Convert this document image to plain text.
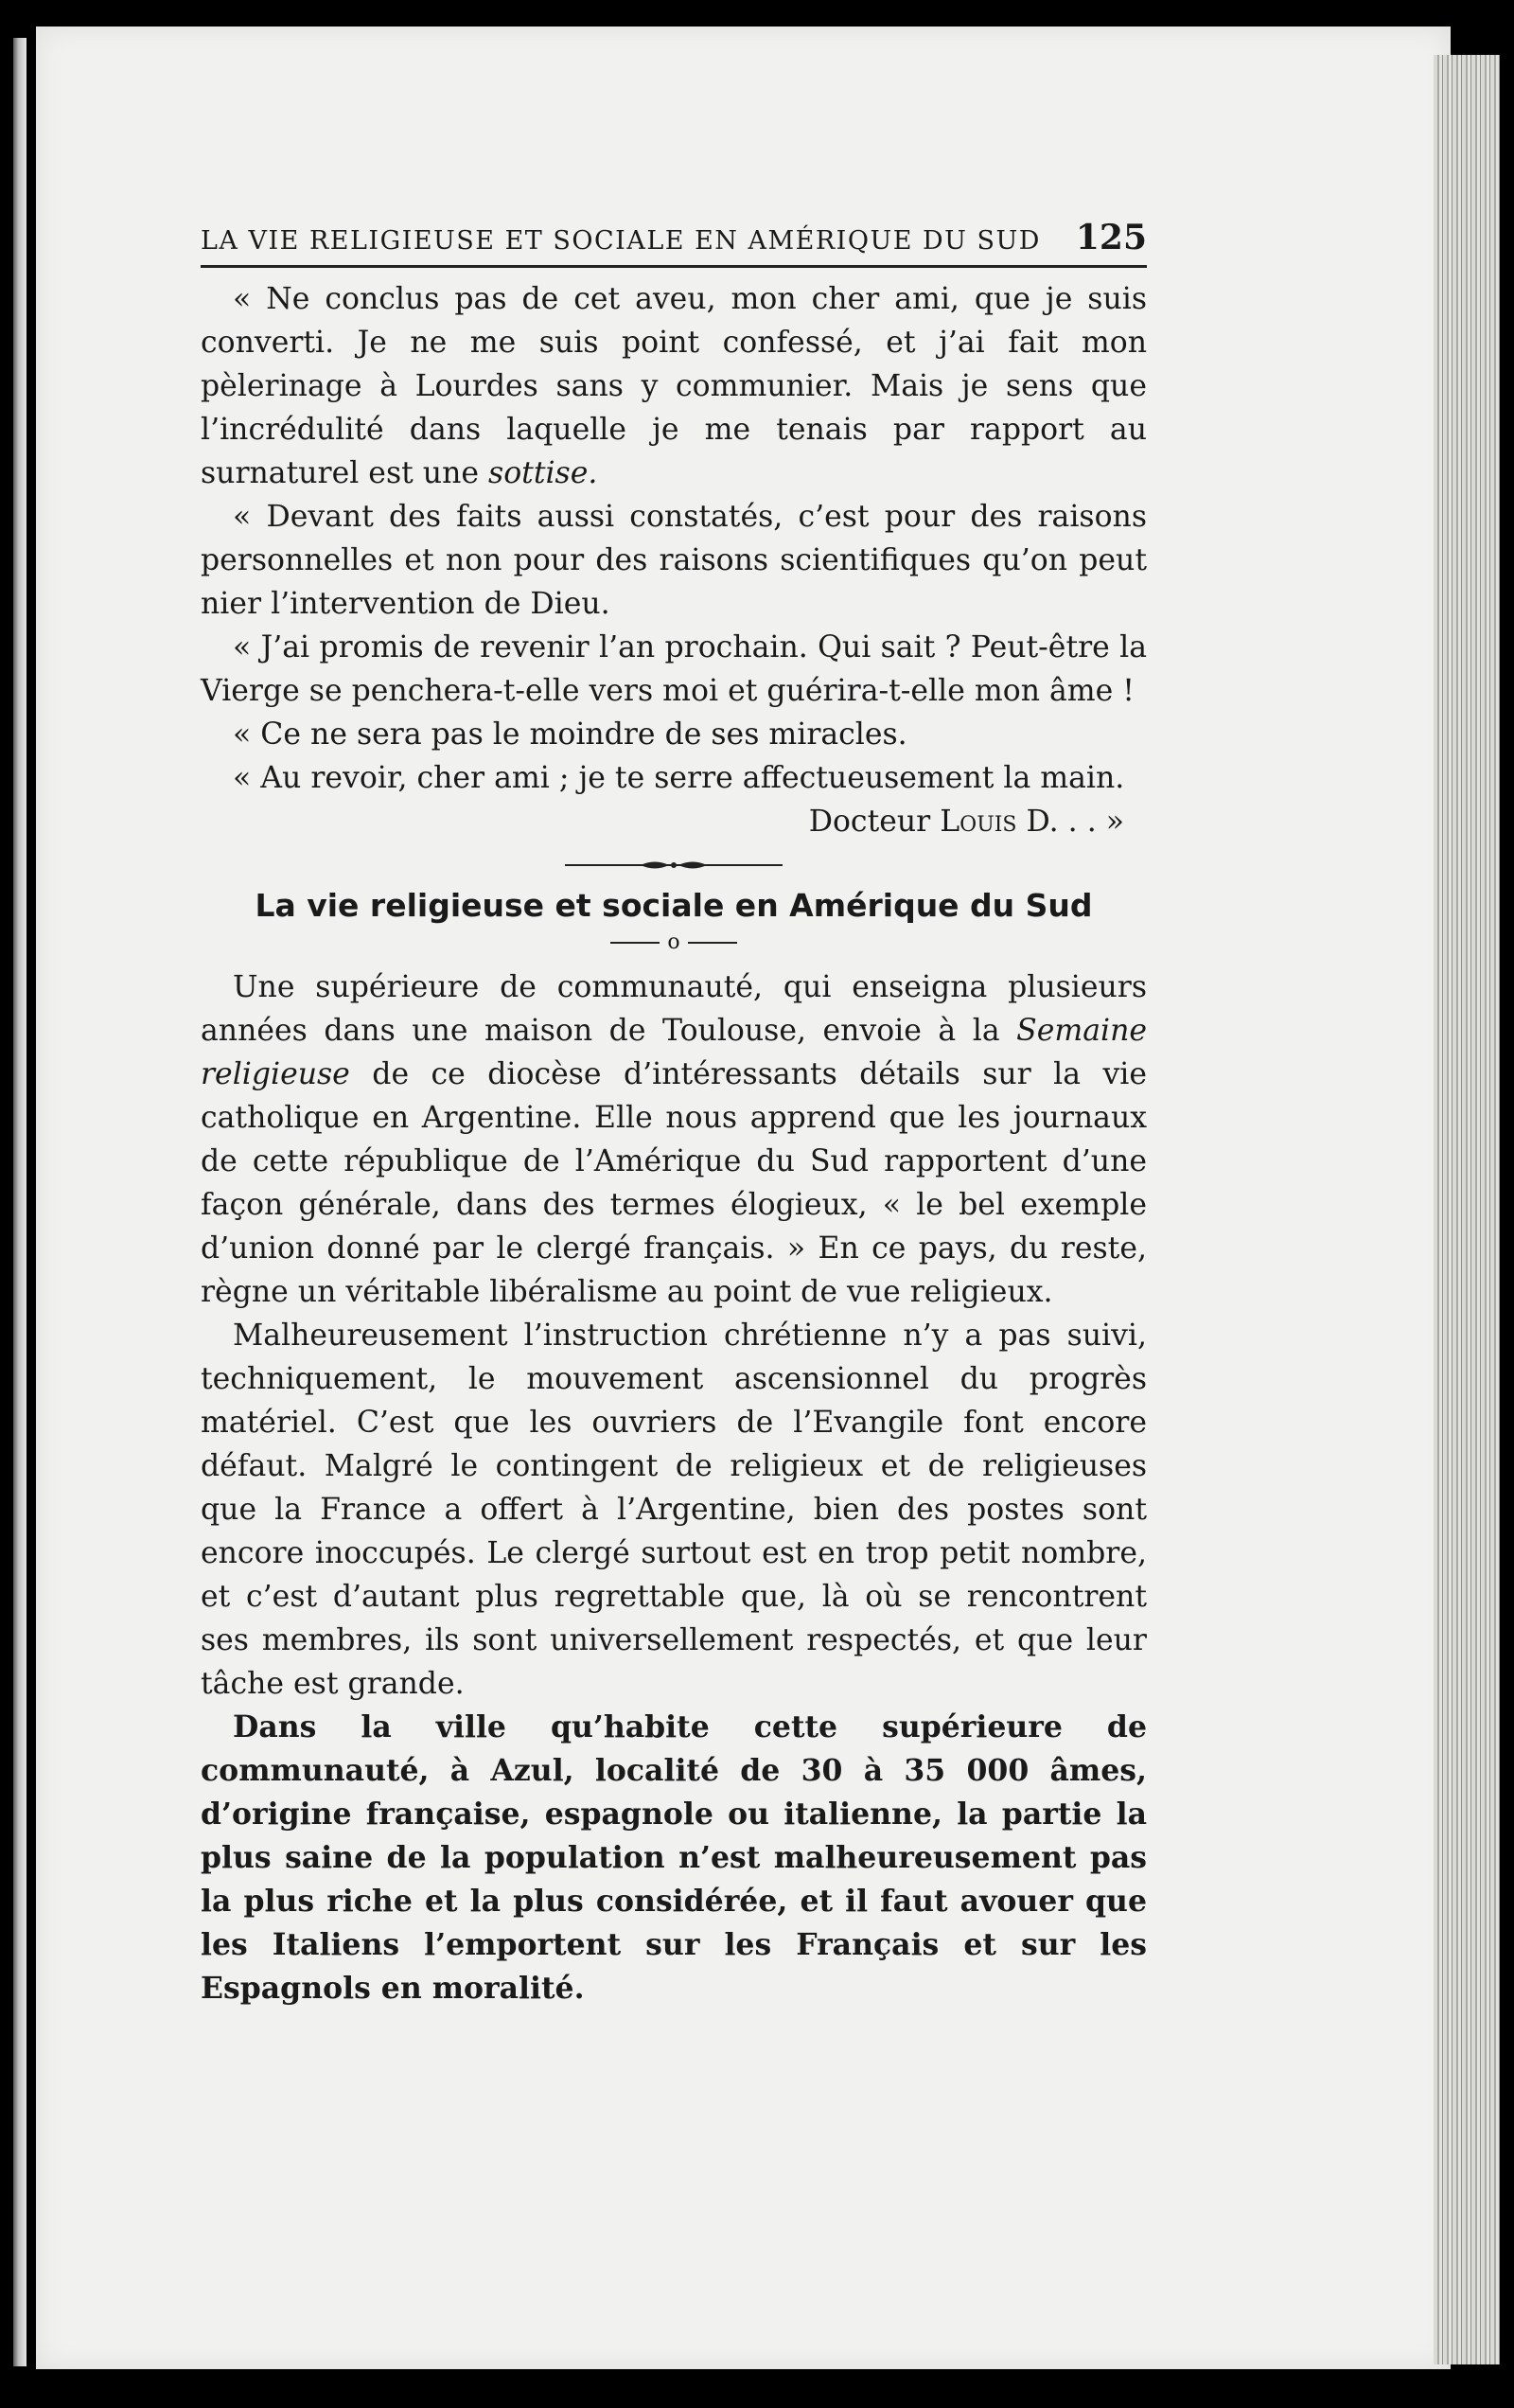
LA VIE RELIGIEUSE ET SOCIALE EN AMÉRIQUE DU SUD 125

« Ne conclus pas de cet aveu, mon cher ami, que je suis converti. Je ne me suis point confessé, et j’ai fait mon pèlerinage à Lourdes sans y communier. Mais je sens que l’incrédulité dans laquelle je me tenais par rapport au surnaturel est une sottise.

« Devant des faits aussi constatés, c’est pour des raisons personnelles et non pour des raisons scientifiques qu’on peut nier l’intervention de Dieu.

« J’ai promis de revenir l’an prochain. Qui sait ? Peut-être la Vierge se penchera-t-elle vers moi et guérira-t-elle mon âme !

« Ce ne sera pas le moindre de ses miracles.

« Au revoir, cher ami ; je te serre affectueusement la main.

Docteur Louis D. . . »
La vie religieuse et sociale en Amérique du Sud
o

Une supérieure de communauté, qui enseigna plusieurs années dans une maison de Toulouse, envoie à la Semaine religieuse de ce diocèse d’intéressants détails sur la vie catholique en Argentine. Elle nous apprend que les journaux de cette république de l’Amérique du Sud rapportent d’une façon générale, dans des termes élogieux, « le bel exemple d’union donné par le clergé français. » En ce pays, du reste, règne un véritable libéralisme au point de vue religieux.

Malheureusement l’instruction chrétienne n’y a pas suivi, techniquement, le mouvement ascensionnel du progrès matériel. C’est que les ouvriers de l’Evangile font encore défaut. Malgré le contingent de religieux et de religieuses que la France a offert à l’Argentine, bien des postes sont encore inoccupés. Le clergé surtout est en trop petit nombre, et c’est d’autant plus regrettable que, là où se rencontrent ses membres, ils sont universellement respectés, et que leur tâche est grande.

Dans la ville qu’habite cette supérieure de communauté, à Azul, localité de 30 à 35 000 âmes, d’origine française, espagnole ou italienne, la partie la plus saine de la population n’est malheureusement pas la plus riche et la plus considérée, et il faut avouer que les Italiens l’emportent sur les Français et sur les Espagnols en moralité.
